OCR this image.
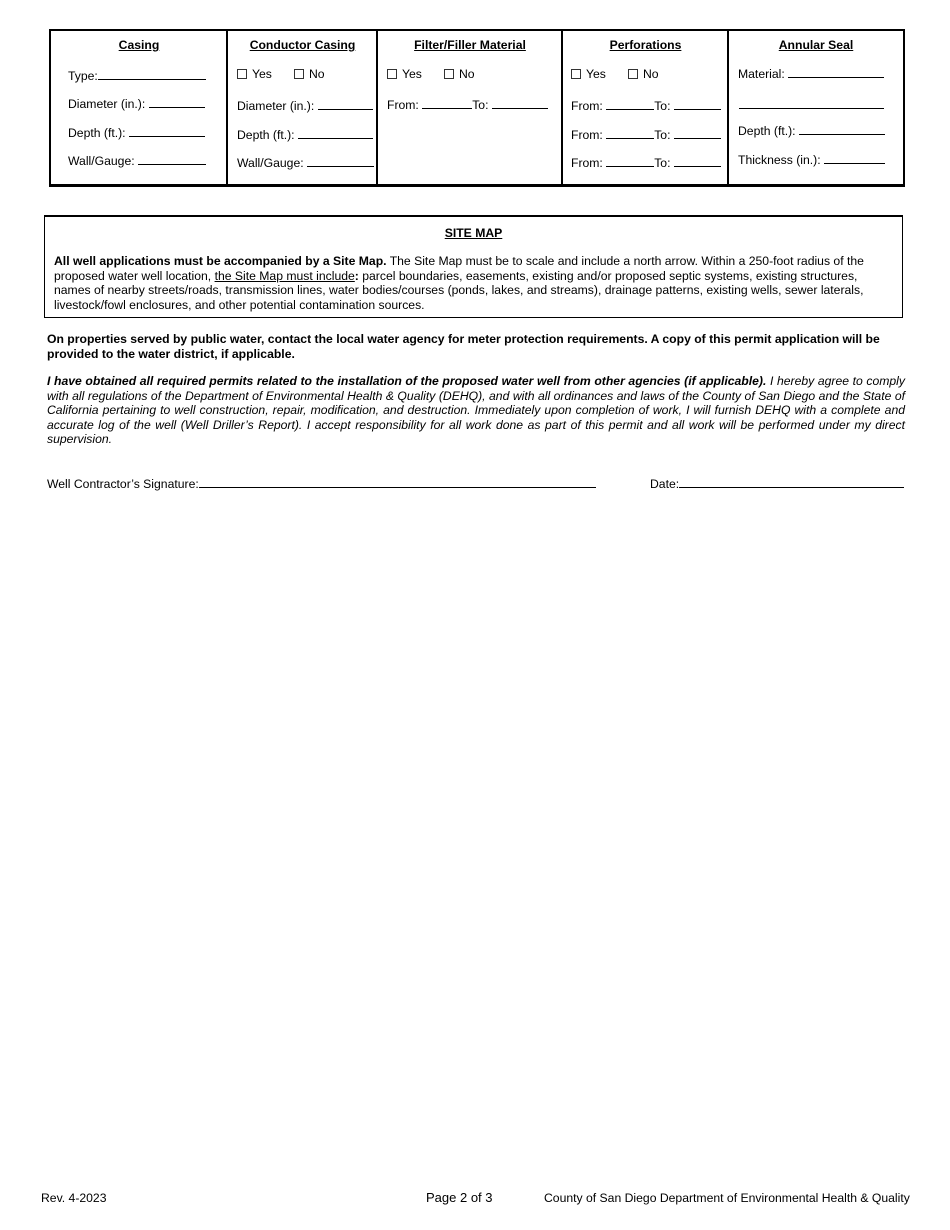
Casing
Type:
Diameter (in.):
Depth (ft.):
Wall/Gauge:
Conductor Casing
Yes	No
Diameter (in.):
Depth (ft.):
Wall/Gauge:
Filter/Filler Material
Yes	No
From:	To:
Perforations
Yes	No
From:	To:
From:	To:
From:	To:
Annular Seal
Material:
Depth (ft.):
Thickness (in.):
SITE MAP
All well applications must be accompanied by a Site Map. The Site Map must be to scale and include a north arrow. Within a 250-foot radius of the proposed water well location, the Site Map must include: parcel boundaries, easements, existing and/or proposed septic systems, existing structures, names of nearby streets/roads, transmission lines, water bodies/courses (ponds, lakes, and streams), drainage patterns, existing wells, sewer laterals, livestock/fowl enclosures, and other potential contamination sources.
On properties served by public water, contact the local water agency for meter protection requirements. A copy of this permit application will be provided to the water district, if applicable.
I have obtained all required permits related to the installation of the proposed water well from other agencies (if applicable). I hereby agree to comply with all regulations of the Department of Environmental Health & Quality (DEHQ), and with all ordinances and laws of the County of San Diego and the State of California pertaining to well construction, repair, modification, and destruction. Immediately upon completion of work, I will furnish DEHQ with a complete and accurate log of the well (Well Driller’s Report). I accept responsibility for all work done as part of this permit and all work will be performed under my direct supervision.
Well Contractor’s Signature:	Date:
Rev. 4-2023	Page 2 of 3	County of San Diego Department of Environmental Health & Quality
